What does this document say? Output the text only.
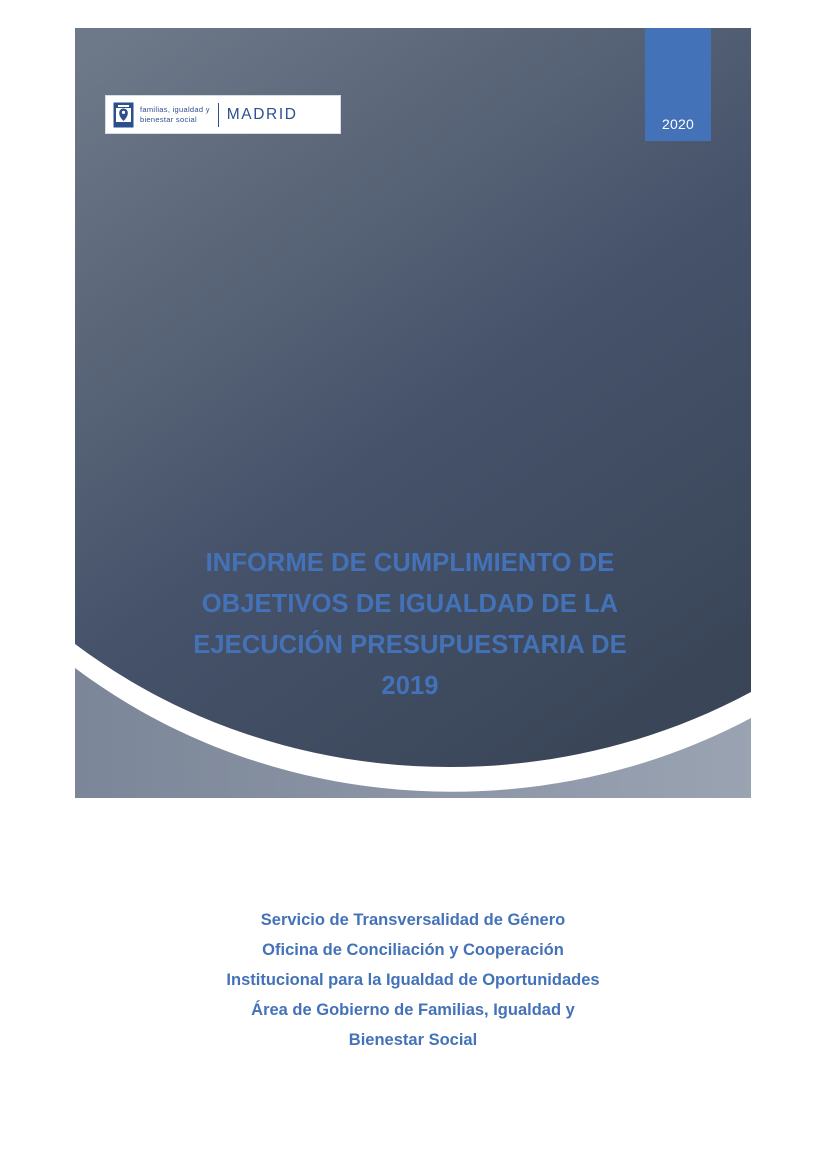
2020
familias, igualdad y
bienestar social	MADRID
INFORME DE CUMPLIMIENTO DE
OBJETIVOS DE IGUALDAD DE LA
EJECUCIÓN PRESUPUESTARIA DE
2019
Servicio de Transversalidad de Género
Oficina de Conciliación y Cooperación
Institucional para la Igualdad de Oportunidades
Área de Gobierno de Familias, Igualdad y
Bienestar Social
